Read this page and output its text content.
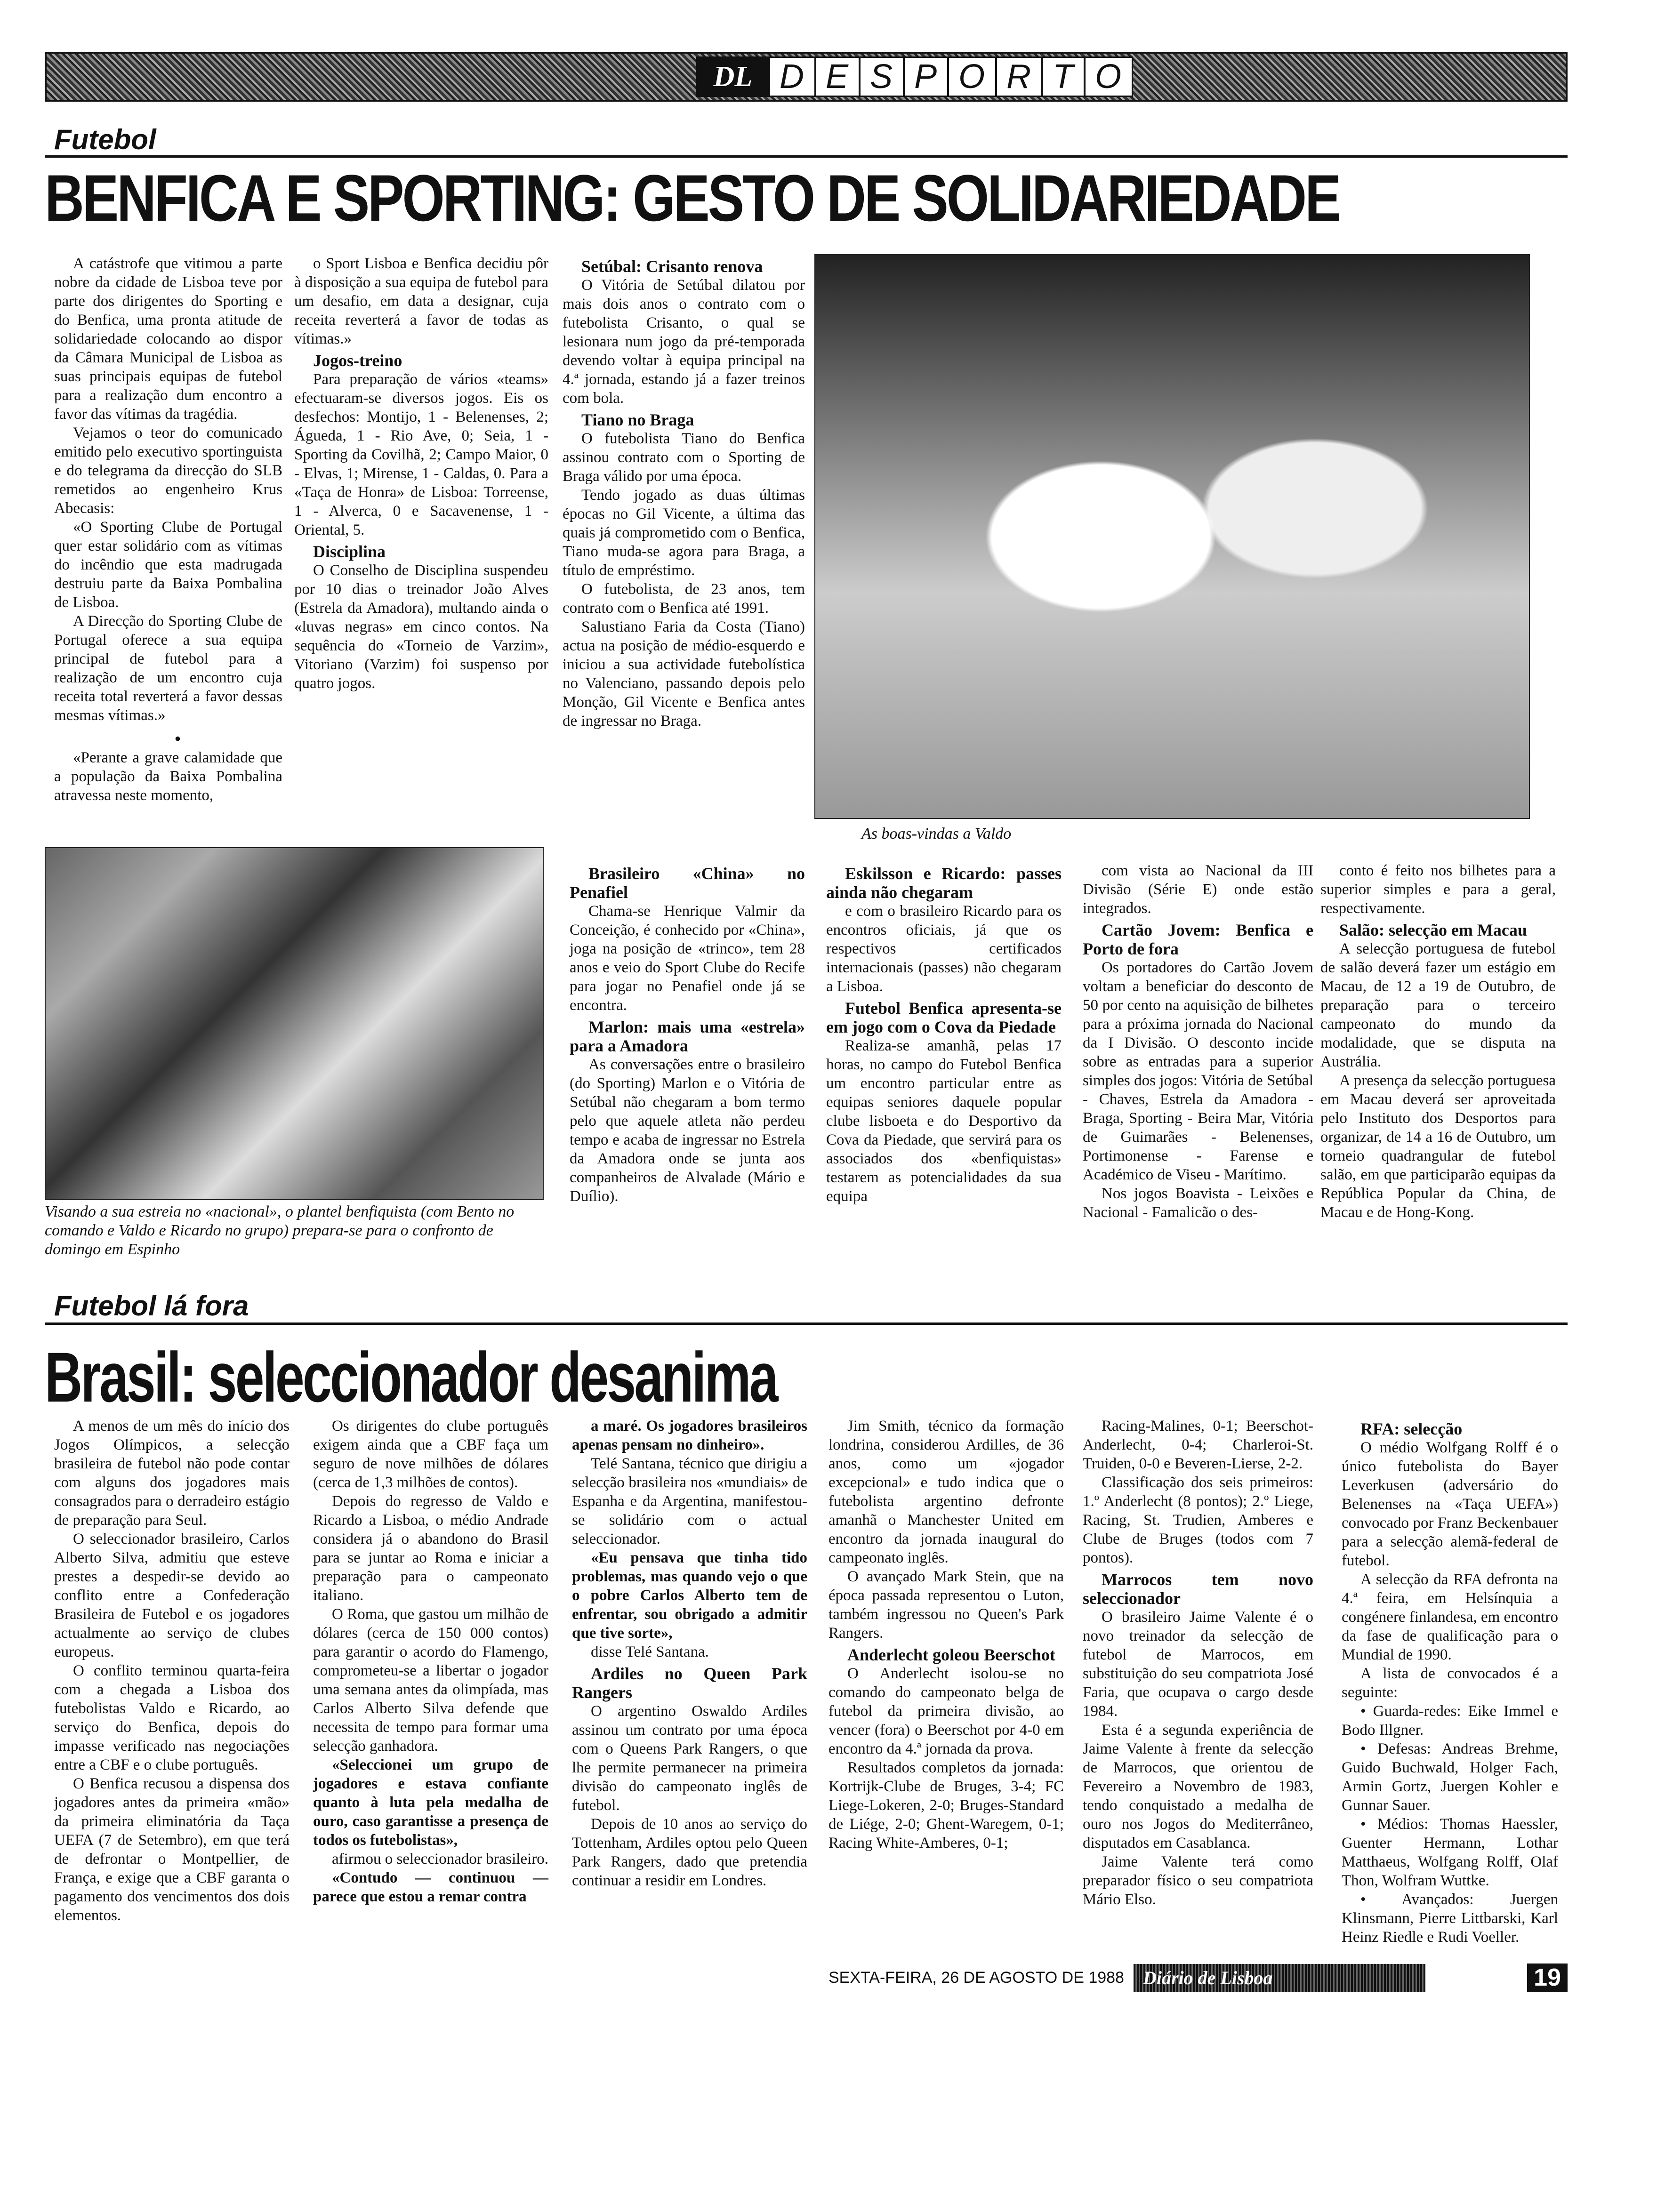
DL D E S P O R T O
Futebol
BENFICA E SPORTING: GESTO DE SOLIDARIEDADE

A catástrofe que vitimou a parte nobre da cidade de Lisboa teve por parte dos dirigentes do Sporting e do Benfica, uma pronta atitude de solidariedade colocando ao dispor da Câmara Municipal de Lisboa as suas principais equipas de futebol para a realização dum encontro a favor das vítimas da tragédia.

Vejamos o teor do comunicado emitido pelo executivo sportinguista e do telegrama da direcção do SLB remetidos ao engenheiro Krus Abecasis:

«O Sporting Clube de Portugal quer estar solidário com as vítimas do incêndio que esta madrugada destruiu parte da Baixa Pombalina de Lisboa.

A Direcção do Sporting Clube de Portugal oferece a sua equipa principal de futebol para a realização de um encontro cuja receita total reverterá a favor dessas mesmas vítimas.»

•

«Perante a grave calamidade que a população da Baixa Pombalina atravessa neste momento,

o Sport Lisboa e Benfica decidiu pôr à disposição a sua equipa de futebol para um desafio, em data a designar, cuja receita reverterá a favor de todas as vítimas.»

Jogos-treino

Para preparação de vários «teams» efectuaram-se diversos jogos. Eis os desfechos: Montijo, 1 - Belenenses, 2; Águeda, 1 - Rio Ave, 0; Seia, 1 - Sporting da Covilhã, 2; Campo Maior, 0 - Elvas, 1; Mirense, 1 - Caldas, 0. Para a «Taça de Honra» de Lisboa: Torreense, 1 - Alverca, 0 e Sacavenense, 1 - Oriental, 5.

Disciplina

O Conselho de Disciplina suspendeu por 10 dias o treinador João Alves (Estrela da Amadora), multando ainda o «luvas negras» em cinco contos. Na sequência do «Torneio de Varzim», Vitoriano (Varzim) foi suspenso por quatro jogos.

Setúbal: Crisanto renova

O Vitória de Setúbal dilatou por mais dois anos o contrato com o futebolista Crisanto, o qual se lesionara num jogo da pré-temporada devendo voltar à equipa principal na 4.ª jornada, estando já a fazer treinos com bola.

Tiano no Braga

O futebolista Tiano do Benfica assinou contrato com o Sporting de Braga válido por uma época.

Tendo jogado as duas últimas épocas no Gil Vicente, a última das quais já comprometido com o Benfica, Tiano muda-se agora para Braga, a título de empréstimo.

O futebolista, de 23 anos, tem contrato com o Benfica até 1991.

Salustiano Faria da Costa (Tiano) actua na posição de médio-esquerdo e iniciou a sua actividade futebolística no Valenciano, passando depois pelo Monção, Gil Vicente e Benfica antes de ingressar no Braga.

As boas-vindas a Valdo
Visando a sua estreia no «nacional», o plantel benfiquista (com Bento no comando e Valdo e Ricardo no grupo) prepara-se para o confronto de domingo em Espinho

Brasileiro «China» no Penafiel

Chama-se Henrique Valmir da Conceição, é conhecido por «China», joga na posição de «trinco», tem 28 anos e veio do Sport Clube do Recife para jogar no Penafiel onde já se encontra.

Marlon: mais uma «estrela» para a Amadora

As conversações entre o brasileiro (do Sporting) Marlon e o Vitória de Setúbal não chegaram a bom termo pelo que aquele atleta não perdeu tempo e acaba de ingressar no Estrela da Amadora onde se junta aos companheiros de Alvalade (Mário e Duílio).

Eskilsson e Ricardo: passes ainda não chegaram

e com o brasileiro Ricardo para os encontros oficiais, já que os respectivos certificados internacionais (passes) não chegaram a Lisboa.

Futebol Benfica apresenta-se em jogo com o Cova da Piedade

Realiza-se amanhã, pelas 17 horas, no campo do Futebol Benfica um encontro particular entre as equipas seniores daquele popular clube lisboeta e do Desportivo da Cova da Piedade, que servirá para os associados dos «benfiquistas» testarem as potencialidades da sua equipa

com vista ao Nacional da III Divisão (Série E) onde estão integrados.

Cartão Jovem: Benfica e Porto de fora

Os portadores do Cartão Jovem voltam a beneficiar do desconto de 50 por cento na aquisição de bilhetes para a próxima jornada do Nacional da I Divisão. O desconto incide sobre as entradas para a superior simples dos jogos: Vitória de Setúbal - Chaves, Estrela da Amadora - Braga, Sporting - Beira Mar, Vitória de Guimarães - Belenenses, Portimonense - Farense e Académico de Viseu - Marítimo.

Nos jogos Boavista - Leixões e Nacional - Famalicão o des-

conto é feito nos bilhetes para a superior simples e para a geral, respectivamente.

Salão: selecção em Macau

A selecção portuguesa de futebol de salão deverá fazer um estágio em Macau, de 12 a 19 de Outubro, de preparação para o terceiro campeonato do mundo da modalidade, que se disputa na Austrália.

A presença da selecção portuguesa em Macau deverá ser aproveitada pelo Instituto dos Desportos para organizar, de 14 a 16 de Outubro, um torneio quadrangular de futebol salão, em que participarão equipas da República Popular da China, de Macau e de Hong-Kong.

Futebol lá fora
Brasil: seleccionador desanima

A menos de um mês do início dos Jogos Olímpicos, a selecção brasileira de futebol não pode contar com alguns dos jogadores mais consagrados para o derradeiro estágio de preparação para Seul.

O seleccionador brasileiro, Carlos Alberto Silva, admitiu que esteve prestes a despedir-se devido ao conflito entre a Confederação Brasileira de Futebol e os jogadores actualmente ao serviço de clubes europeus.

O conflito terminou quarta-feira com a chegada a Lisboa dos futebolistas Valdo e Ricardo, ao serviço do Benfica, depois do impasse verificado nas negociações entre a CBF e o clube português.

O Benfica recusou a dispensa dos jogadores antes da primeira «mão» da primeira eliminatória da Taça UEFA (7 de Setembro), em que terá de defrontar o Montpellier, de França, e exige que a CBF garanta o pagamento dos vencimentos dos dois elementos.

Os dirigentes do clube português exigem ainda que a CBF faça um seguro de nove milhões de dólares (cerca de 1,3 milhões de contos).

Depois do regresso de Valdo e Ricardo a Lisboa, o médio Andrade considera já o abandono do Brasil para se juntar ao Roma e iniciar a preparação para o campeonato italiano.

O Roma, que gastou um milhão de dólares (cerca de 150 000 contos) para garantir o acordo do Flamengo, comprometeu-se a libertar o jogador uma semana antes da olimpíada, mas Carlos Alberto Silva defende que necessita de tempo para formar uma selecção ganhadora.

«Seleccionei um grupo de jogadores e estava confiante quanto à luta pela medalha de ouro, caso garantisse a presença de todos os futebolistas»,

afirmou o seleccionador brasileiro.

«Contudo — continuou — parece que estou a remar contra

a maré. Os jogadores brasileiros apenas pensam no dinheiro».

Telé Santana, técnico que dirigiu a selecção brasileira nos «mundiais» de Espanha e da Argentina, manifestou-se solidário com o actual seleccionador.

«Eu pensava que tinha tido problemas, mas quando vejo o que o pobre Carlos Alberto tem de enfrentar, sou obrigado a admitir que tive sorte»,

disse Telé Santana.

Ardiles no Queen Park Rangers

O argentino Oswaldo Ardiles assinou um contrato por uma época com o Queens Park Rangers, o que lhe permite permanecer na primeira divisão do campeonato inglês de futebol.

Depois de 10 anos ao serviço do Tottenham, Ardiles optou pelo Queen Park Rangers, dado que pretendia continuar a residir em Londres.

Jim Smith, técnico da formação londrina, considerou Ardilles, de 36 anos, como um «jogador excepcional» e tudo indica que o futebolista argentino defronte amanhã o Manchester United em encontro da jornada inaugural do campeonato inglês.

O avançado Mark Stein, que na época passada representou o Luton, também ingressou no Queen's Park Rangers.

Anderlecht goleou Beerschot

O Anderlecht isolou-se no comando do campeonato belga de futebol da primeira divisão, ao vencer (fora) o Beerschot por 4-0 em encontro da 4.ª jornada da prova.

Resultados completos da jornada: Kortrijk-Clube de Bruges, 3-4; FC Liege-Lokeren, 2-0; Bruges-Standard de Liége, 2-0; Ghent-Waregem, 0-1; Racing White-Amberes, 0-1;

Racing-Malines, 0-1; Beerschot-Anderlecht, 0-4; Charleroi-St. Truiden, 0-0 e Beveren-Lierse, 2-2.

Classificação dos seis primeiros: 1.º Anderlecht (8 pontos); 2.º Liege, Racing, St. Trudien, Amberes e Clube de Bruges (todos com 7 pontos).

Marrocos tem novo seleccionador

O brasileiro Jaime Valente é o novo treinador da selecção de futebol de Marrocos, em substituição do seu compatriota José Faria, que ocupava o cargo desde 1984.

Esta é a segunda experiência de Jaime Valente à frente da selecção de Marrocos, que orientou de Fevereiro a Novembro de 1983, tendo conquistado a medalha de ouro nos Jogos do Mediterrâneo, disputados em Casablanca.

Jaime Valente terá como preparador físico o seu compatriota Mário Elso.

RFA: selecção

O médio Wolfgang Rolff é o único futebolista do Bayer Leverkusen (adversário do Belenenses na «Taça UEFA») convocado por Franz Beckenbauer para a selecção alemã-federal de futebol.

A selecção da RFA defronta na 4.ª feira, em Helsínquia a congénere finlandesa, em encontro da fase de qualificação para o Mundial de 1990.

A lista de convocados é a seguinte:

• Guarda-redes: Eike Immel e Bodo Illgner.

• Defesas: Andreas Brehme, Guido Buchwald, Holger Fach, Armin Gortz, Juergen Kohler e Gunnar Sauer.

• Médios: Thomas Haessler, Guenter Hermann, Lothar Matthaeus, Wolfgang Rolff, Olaf Thon, Wolfram Wuttke.

• Avançados: Juergen Klinsmann, Pierre Littbarski, Karl Heinz Riedle e Rudi Voeller.

SEXTA-FEIRA, 26 DE AGOSTO DE 1988	Diário de Lisboa	19
